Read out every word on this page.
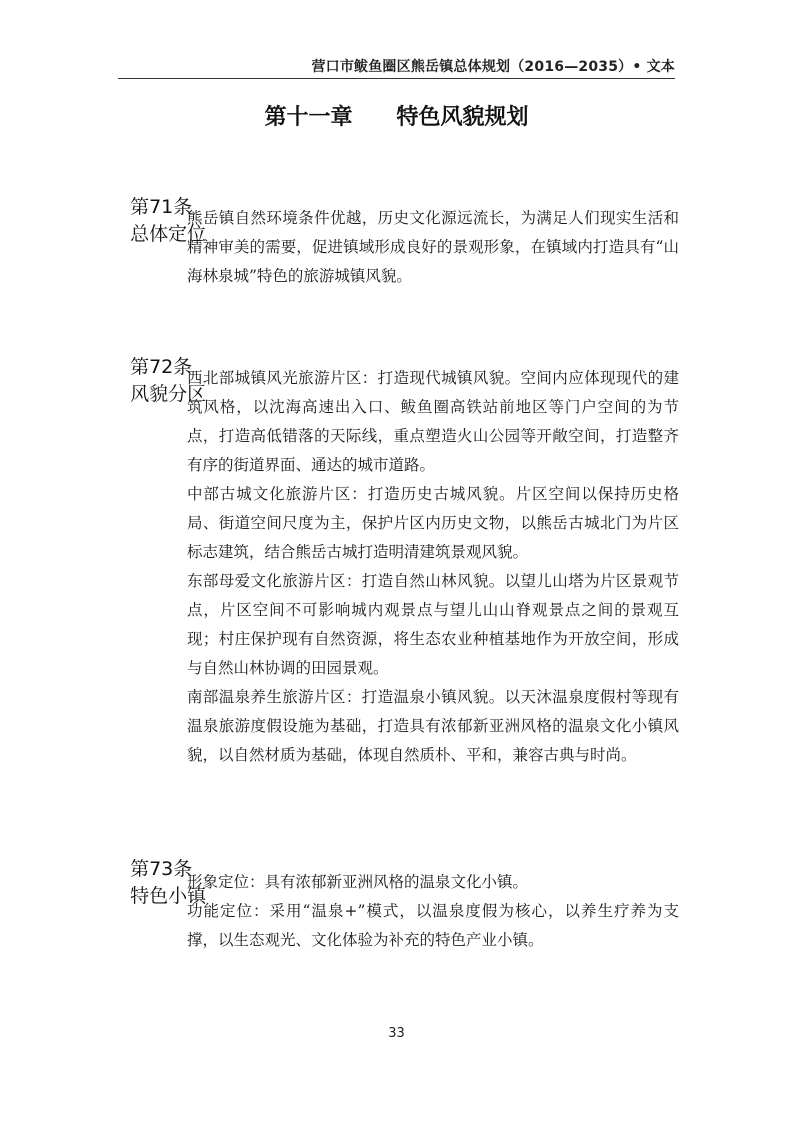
营口市鲅鱼圈区熊岳镇总体规划（2016—2035）• 文本
第十一章　　特色风貌规划

第71条
总体定位

熊岳镇自然环境条件优越，历史文化源远流长，为满足人们现实生活和精神审美的需要，促进镇域形成良好的景观形象，在镇域内打造具有“山海林泉城”特色的旅游城镇风貌。

第72条
风貌分区

西北部城镇风光旅游片区：打造现代城镇风貌。空间内应体现现代的建筑风格，以沈海高速出入口、鲅鱼圈高铁站前地区等门户空间的为节点，打造高低错落的天际线，重点塑造火山公园等开敞空间，打造整齐有序的街道界面、通达的城市道路。

中部古城文化旅游片区：打造历史古城风貌。片区空间以保持历史格局、街道空间尺度为主，保护片区内历史文物，以熊岳古城北门为片区标志建筑，结合熊岳古城打造明清建筑景观风貌。

东部母爱文化旅游片区：打造自然山林风貌。以望儿山塔为片区景观节点，片区空间不可影响城内观景点与望儿山山脊观景点之间的景观互现；村庄保护现有自然资源，将生态农业种植基地作为开放空间，形成与自然山林协调的田园景观。

南部温泉养生旅游片区：打造温泉小镇风貌。以天沐温泉度假村等现有温泉旅游度假设施为基础，打造具有浓郁新亚洲风格的温泉文化小镇风貌，以自然材质为基础，体现自然质朴、平和，兼容古典与时尚。

第73条
特色小镇

形象定位：具有浓郁新亚洲风格的温泉文化小镇。

功能定位：采用“温泉+”模式，以温泉度假为核心，以养生疗养为支撑，以生态观光、文化体验为补充的特色产业小镇。

33
